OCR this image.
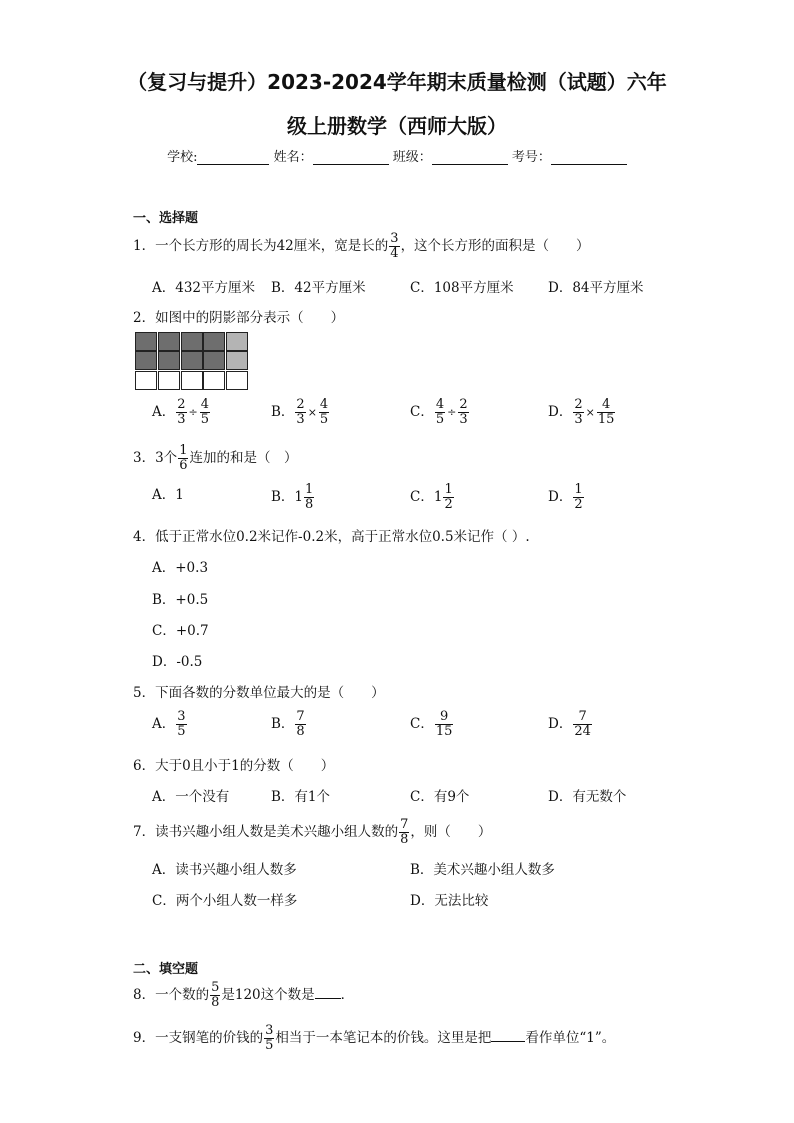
（复习与提升）2023-2024学年期末质量检测（试题）六年
级上册数学（西师大版）
学校:	姓名：	班级：	考号：
一、选择题
1．一个长方形的周长为42厘米，宽是长的 $\frac{3}{4}$ ，这个长方形的面积是（　　）
A．432平方厘米 B．42平方厘米	C．108平方厘米	D．84平方厘米
2．如图中的阴影部分表示（　　）
A． $\frac{2}{3} \div \frac{4}{5}$	B． $\frac{2}{3} \times \frac{4}{5}$	C． $\frac{4}{5} \div \frac{2}{3}$	D． $\frac{2}{3} \times \frac{4}{15}$
3．3个 $\frac{1}{6}$ 连加的和是（　）
A．1	B．$1 \frac{1}{8}$	C．$1 \frac{1}{2}$	D． $\frac{1}{2}$
4．低于正常水位0.2米记作-0.2米，高于正常水位0.5米记作（ ）.
A．+0.3
B．+0.5
C．+0.7
D．-0.5
5．下面各数的分数单位最大的是（　　）
A． $\frac{3}{5}$	B． $\frac{7}{8}$	C． $\frac{9}{15}$	D． $\frac{7}{24}$
6．大于0且小于1的分数（　　）
A．一个没有	B．有1个	C．有9个	D．有无数个
7．读书兴趣小组人数是美术兴趣小组人数的 $\frac{7}{8}$ ，则（　　）
A．读书兴趣小组人数多	B．美术兴趣小组人数多
C．两个小组人数一样多	D．无法比较
二、填空题
8．一个数的 $\frac{5}{8}$ 是120这个数是 ．
9．一支钢笔的价钱的 $\frac{3}{5}$ 相当于一本笔记本的价钱。这里是把	看作单位“1”。
